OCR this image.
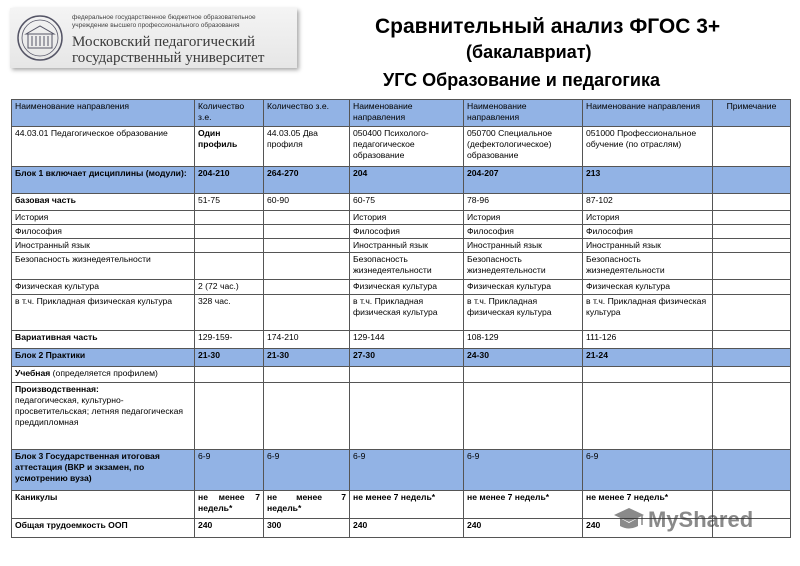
федеральное государственное бюджетное образовательное
учреждение высшего профессионального образования
Московский педагогический
государственный университет
Сравнительный анализ ФГОС 3+
(бакалавриат)
УГС Образование и педагогика
Наименование направления	Количество з.е.	Количество з.е.	Наименование направления	Наименование направления	Наименование направления	Примечание
44.03.01 Педагогическое образование	Один профиль	44.03.05 Два профиля	050400 Психолого-педагогическое образование	050700 Специальное (дефектологическое) образование	051000 Профессиональное обучение (по отраслям)	
Блок 1 включает дисциплины (модули):	204-210	264-270	204	204-207	213	
базовая часть	51-75	60-90	60-75	78-96	87-102	
История			История	История	История	
Философия			Философия	Философия	Философия	
Иностранный язык			Иностранный язык	Иностранный язык	Иностранный язык	
Безопасность жизнедеятельности			Безопасность жизнедеятельности	Безопасность жизнедеятельности	Безопасность жизнедеятельности	
Физическая культура	2 (72 час.)		Физическая культура	Физическая культура	Физическая культура	
в т.ч. Прикладная физическая культура	328 час.		в т.ч. Прикладная физическая культура	в т.ч. Прикладная физическая культура	в т.ч. Прикладная физическая культура	
Вариативная часть	129-159-	174-210	129-144	108-129	111-126	
Блок 2 Практики	21-30	21-30	27-30	24-30	21-24	
Учебная (определяется профилем)						

Производственная:
педагогическая, культурно-просветительская; летняя педагогическая преддипломная						

Блок 3 Государственная итоговая аттестация (ВКР и экзамен, по усмотрению вуза)	6-9	6-9	6-9	6-9	6-9	
Каникулы	не менее 7 недель*	не менее 7 недель*	не менее 7 недель*	не менее 7 недель*	не менее 7 недель*	
Общая трудоемкость ООП	240	300	240	240	240	MyShared
